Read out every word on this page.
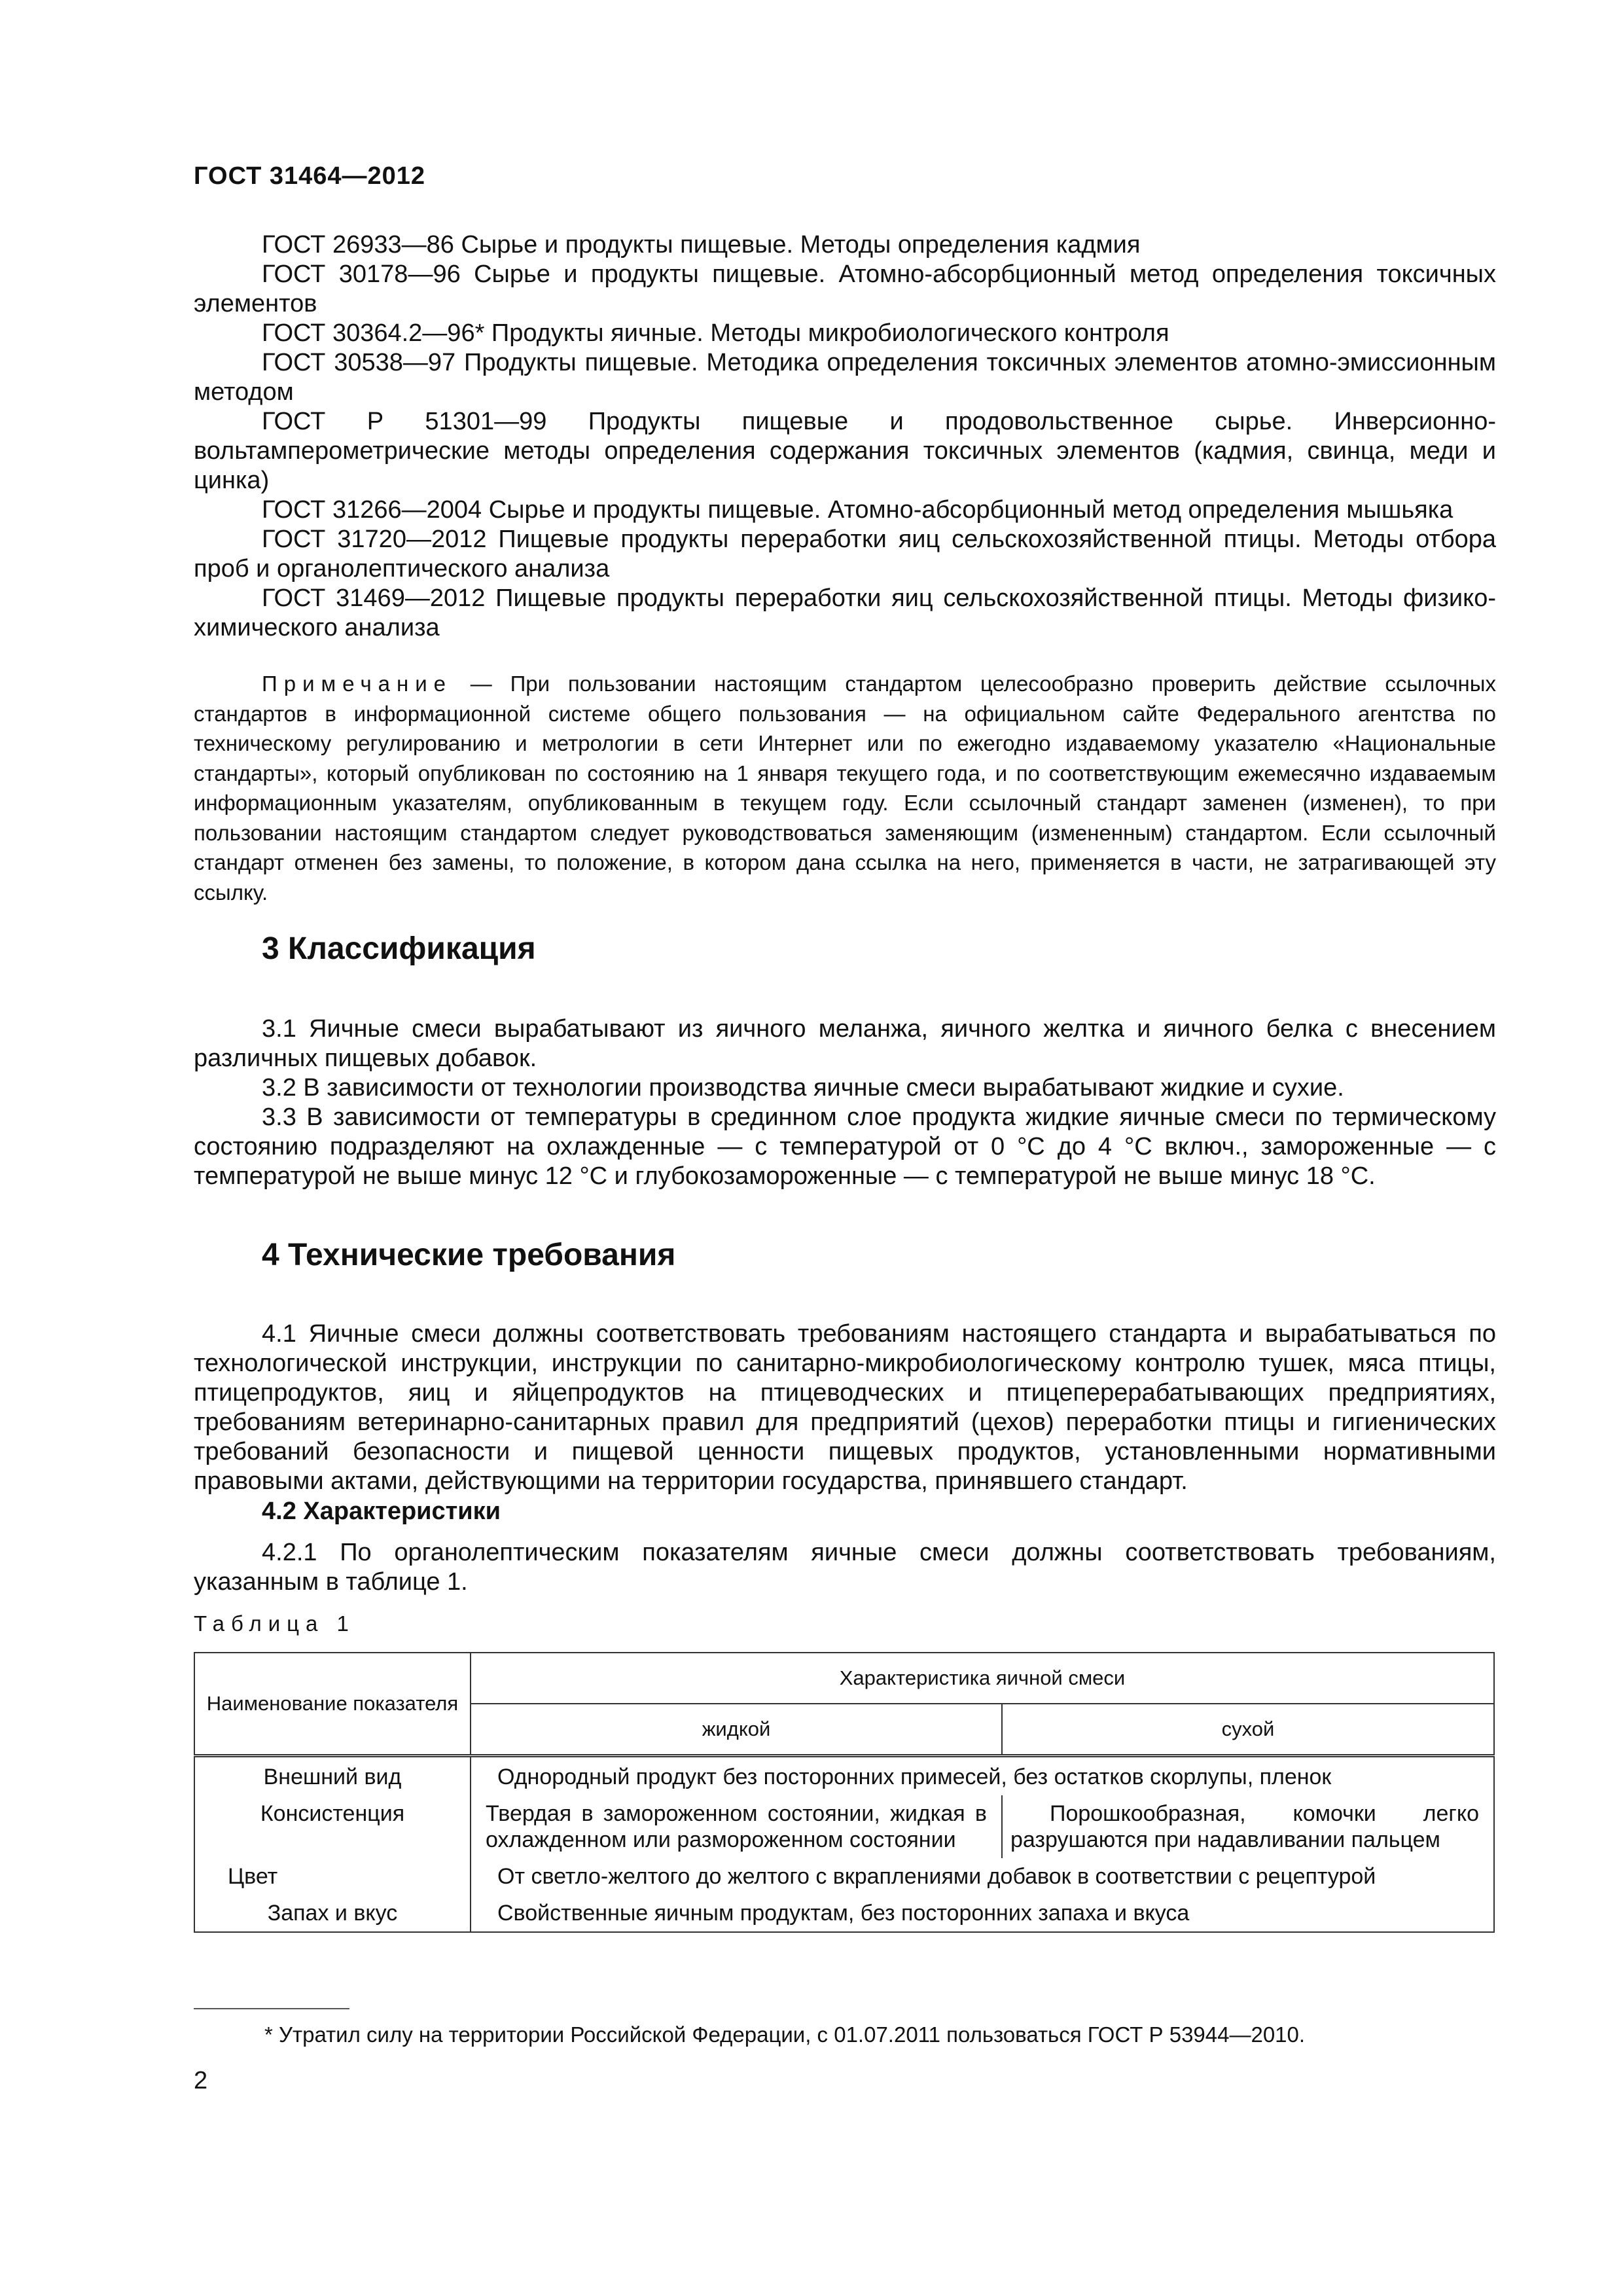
ГОСТ 31464—2012

ГОСТ 26933—86 Сырье и продукты пищевые. Методы определения кадмия

ГОСТ 30178—96 Сырье и продукты пищевые. Атомно-абсорбционный метод определения токсичных элементов

ГОСТ 30364.2—96* Продукты яичные. Методы микробиологического контроля

ГОСТ 30538—97 Продукты пищевые. Методика определения токсичных элементов атомно-эмиссионным методом

ГОСТ Р 51301—99 Продукты пищевые и продовольственное сырье. Инверсионно-вольтамперометрические методы определения содержания токсичных элементов (кадмия, свинца, меди и цинка)

ГОСТ 31266—2004 Сырье и продукты пищевые. Атомно-абсорбционный метод определения мышьяка

ГОСТ 31720—2012 Пищевые продукты переработки яиц сельскохозяйственной птицы. Методы отбора проб и органолептического анализа

ГОСТ 31469—2012 Пищевые продукты переработки яиц сельскохозяйственной птицы. Методы физико-химического анализа

Примечание — При пользовании настоящим стандартом целесообразно проверить действие ссылочных стандартов в информационной системе общего пользования — на официальном сайте Федерального агентства по техническому регулированию и метрологии в сети Интернет или по ежегодно издаваемому указателю «Национальные стандарты», который опубликован по состоянию на 1 января текущего года, и по соответствующим ежемесячно издаваемым информационным указателям, опубликованным в текущем году. Если ссылочный стандарт заменен (изменен), то при пользовании настоящим стандартом следует руководствоваться заменяющим (измененным) стандартом. Если ссылочный стандарт отменен без замены, то положение, в котором дана ссылка на него, применяется в части, не затрагивающей эту ссылку.
3 Классификация

3.1 Яичные смеси вырабатывают из яичного меланжа, яичного желтка и яичного белка с внесением различных пищевых добавок.

3.2 В зависимости от технологии производства яичные смеси вырабатывают жидкие и сухие.

3.3 В зависимости от температуры в срединном слое продукта жидкие яичные смеси по термическому состоянию подразделяют на охлажденные — с температурой от 0 °С до 4 °С включ., замороженные — с температурой не выше минус 12 °С и глубокозамороженные — с температурой не выше минус 18 °С.

4 Технические требования

4.1 Яичные смеси должны соответствовать требованиям настоящего стандарта и вырабатываться по технологической инструкции, инструкции по санитарно-микробиологическому контролю тушек, мяса птицы, птицепродуктов, яиц и яйцепродуктов на птицеводческих и птицеперерабатывающих предприятиях, требованиям ветеринарно-санитарных правил для предприятий (цехов) переработки птицы и гигиенических требований безопасности и пищевой ценности пищевых продуктов, установленными нормативными правовыми актами, действующими на территории государства, принявшего стандарт.

4.2 Характеристики

4.2.1 По органолептическим показателям яичные смеси должны соответствовать требованиям, указанным в таблице 1.

Таблица 1
Наименование показателя	Характеристика яичной смеси	
	жидкой	сухой

Внешний вид	Однородный продукт без посторонних примесей, без остатков скорлупы, пленок	
Консистенция	Твердая в замороженном состоянии, жидкая в охлажденном или размороженном состоянии	Порошкообразная, комочки легко разрушаются при надавливании пальцем
Цвет	От светло-желтого до желтого с вкраплениями добавок в соответствии с рецептурой	
Запах и вкус	Свойственные яичным продуктам, без посторонних запаха и вкуса	
* Утратил силу на территории Российской Федерации, с 01.07.2011 пользоваться ГОСТ Р 53944—2010.
2
